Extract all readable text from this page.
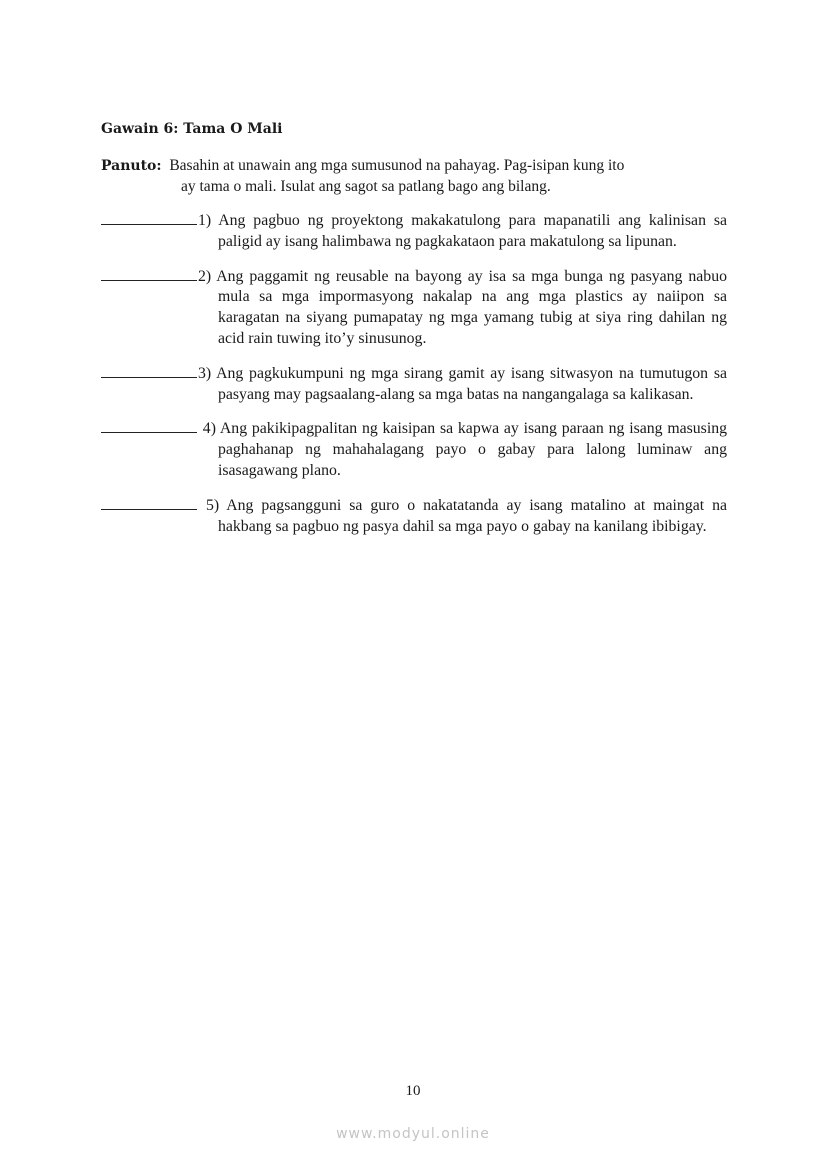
Gawain 6: Tama O Mali
Panuto: Basahin at unawain ang mga sumusunod na pahayag. Pag-isipan kung ito
ay tama o mali. Isulat ang sagot sa patlang bago ang bilang.
1) Ang pagbuo ng proyektong makakatulong para mapanatili ang kalinisan sa paligid ay isang halimbawa ng pagkakataon para makatulong sa lipunan.
2) Ang paggamit ng reusable na bayong ay isa sa mga bunga ng pasyang nabuo mula sa mga impormasyong nakalap na ang mga plastics ay naiipon sa karagatan na siyang pumapatay ng mga yamang tubig at siya ring dahilan ng acid rain tuwing ito’y sinusunog.
3) Ang pagkukumpuni ng mga sirang gamit ay isang sitwasyon na tumutugon sa pasyang may pagsaalang-alang sa mga batas na nangangalaga sa kalikasan.
4) Ang pakikipagpalitan ng kaisipan sa kapwa ay isang paraan ng isang masusing paghahanap ng mahahalagang payo o gabay para lalong luminaw ang isasagawang plano.
5) Ang pagsangguni sa guro o nakatatanda ay isang matalino at maingat na hakbang sa pagbuo ng pasya dahil sa mga payo o gabay na kanilang ibibigay.
10
www.modyul.online
